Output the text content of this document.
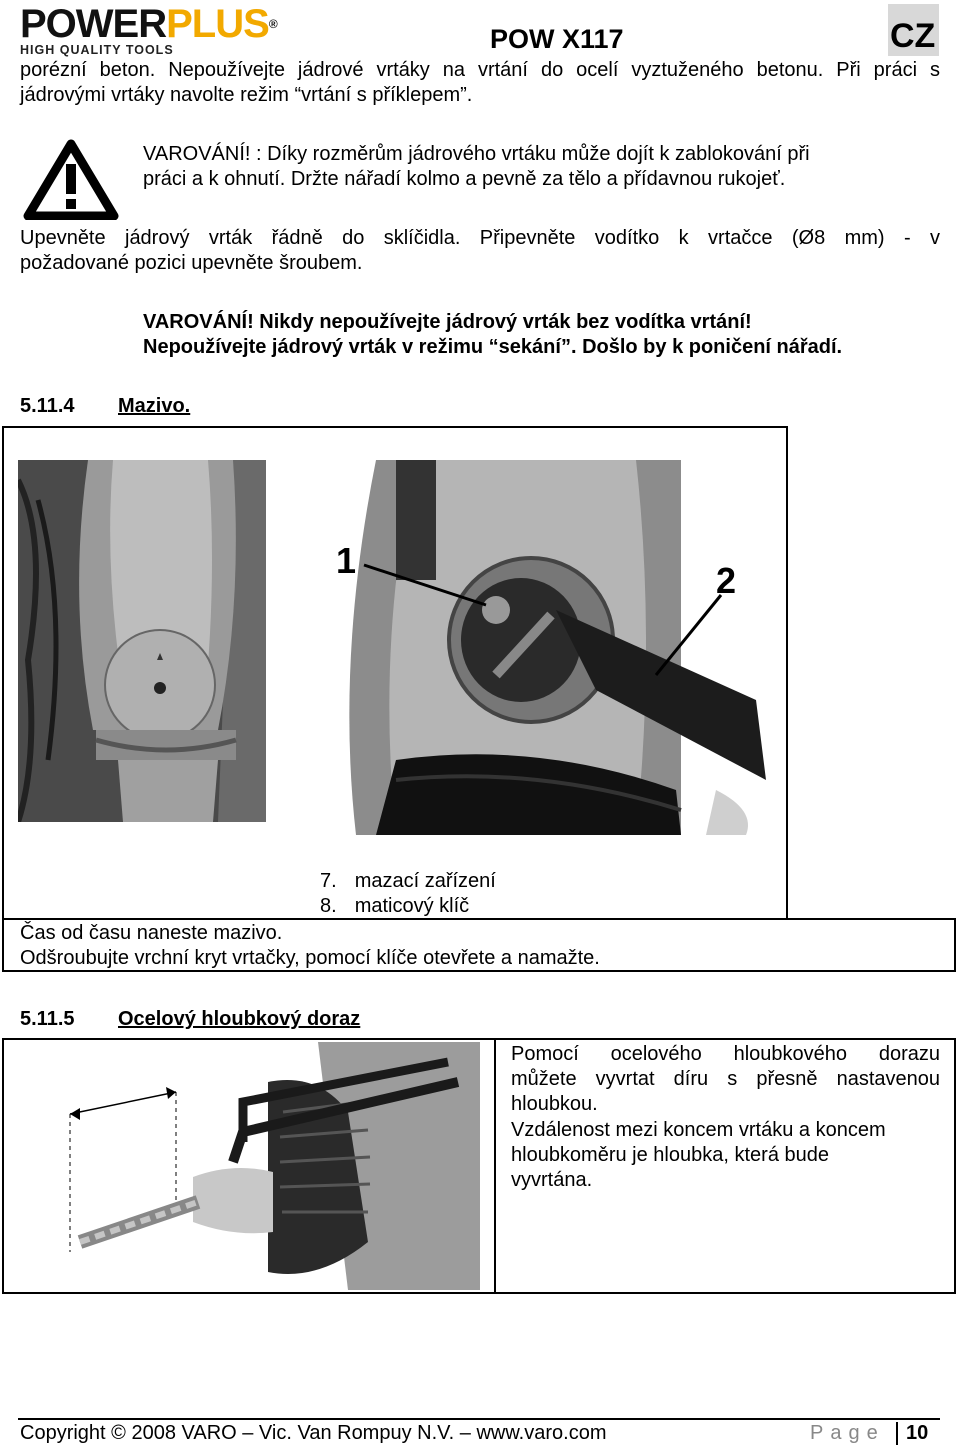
POWERPLUS®
HIGH QUALITY TOOLS	POW X117	CZ
porézní beton. Nepoužívejte jádrové vrtáky na vrtání do ocelí vyztuženého betonu. Při práci s
jádrovými vrtáky navolte režim “vrtání s příklepem”.
VAROVÁNÍ! : Díky rozměrům jádrového vrtáku může dojít k zablokování při
práci a k ohnutí. Držte nářadí kolmo a pevně za tělo a přídavnou rukojeť.
Upevněte jádrový vrták řádně do sklíčidla. Připevněte vodítko k vrtačce (Ø8 mm) - v
požadované pozici upevněte šroubem.
VAROVÁNÍ! Nikdy nepoužívejte jádrový vrták bez vodítka vrtání!
Nepoužívejte jádrový vrták v režimu “sekání”. Došlo by k poničení nářadí.
5.11.4 Mazivo.
1	2
7. mazací zařízení
8. maticový klíč
Čas od času naneste mazivo.
Odšroubujte vrchní kryt vrtačky, pomocí klíče otevřete a namažte.
5.11.5 Ocelový hloubkový doraz
Pomocí ocelového hloubkového dorazu
můžete vyvrtat díru s přesně nastavenou
hloubkou.
Vzdálenost mezi koncem vrtáku a koncem
hloubkoměru je hloubka, která bude
vyvrtána.
Copyright © 2008 VARO – Vic. Van Rompuy N.V. – www.varo.com	Page	10
